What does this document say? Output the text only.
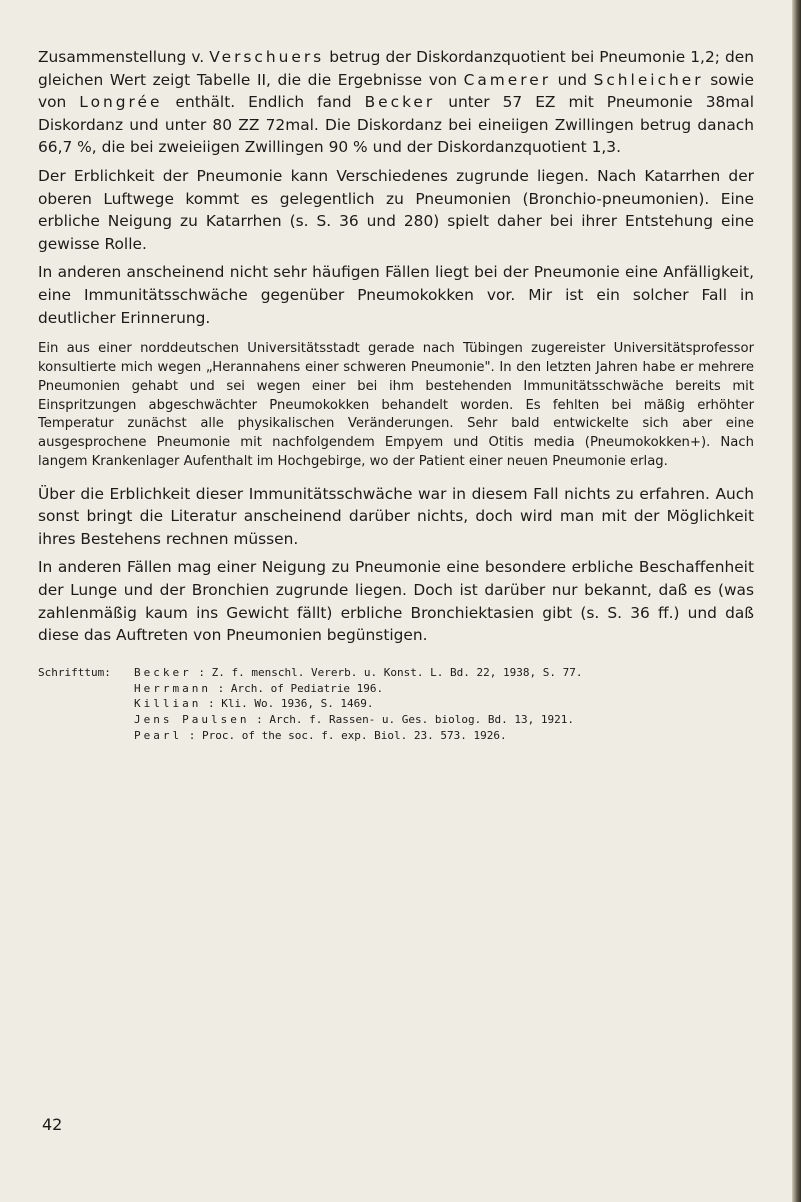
Zusammenstellung v. Verschuers betrug der Diskordanzquotient bei Pneumonie 1,2; den gleichen Wert zeigt Tabelle II, die die Ergebnisse von Camerer und Schleicher sowie von Longrée enthält. Endlich fand Becker unter 57 EZ mit Pneumonie 38mal Diskordanz und unter 80 ZZ 72mal. Die Diskordanz bei eineiigen Zwillingen betrug danach 66,7 %, die bei zweieiigen Zwillingen 90 % und der Diskordanzquotient 1,3.

Der Erblichkeit der Pneumonie kann Verschiedenes zugrunde liegen. Nach Katarrhen der oberen Luftwege kommt es gelegentlich zu Pneumonien (Bronchio-pneumonien). Eine erbliche Neigung zu Katarrhen (s. S. 36 und 280) spielt daher bei ihrer Entstehung eine gewisse Rolle.

In anderen anscheinend nicht sehr häufigen Fällen liegt bei der Pneumonie eine Anfälligkeit, eine Immunitätsschwäche gegenüber Pneumokokken vor. Mir ist ein solcher Fall in deutlicher Erinnerung.

Ein aus einer norddeutschen Universitätsstadt gerade nach Tübingen zugereister Universitätsprofessor konsultierte mich wegen „Herannahens einer schweren Pneumonie". In den letzten Jahren habe er mehrere Pneumonien gehabt und sei wegen einer bei ihm bestehenden Immunitätsschwäche bereits mit Einspritzungen abgeschwächter Pneumokokken behandelt worden. Es fehlten bei mäßig erhöhter Temperatur zunächst alle physikalischen Veränderungen. Sehr bald entwickelte sich aber eine ausgesprochene Pneumonie mit nachfolgendem Empyem und Otitis media (Pneumokokken+). Nach langem Krankenlager Aufenthalt im Hochgebirge, wo der Patient einer neuen Pneumonie erlag.

Über die Erblichkeit dieser Immunitätsschwäche war in diesem Fall nichts zu erfahren. Auch sonst bringt die Literatur anscheinend darüber nichts, doch wird man mit der Möglichkeit ihres Bestehens rechnen müssen.

In anderen Fällen mag einer Neigung zu Pneumonie eine besondere erbliche Beschaffenheit der Lunge und der Bronchien zugrunde liegen. Doch ist darüber nur bekannt, daß es (was zahlenmäßig kaum ins Gewicht fällt) erbliche Bronchiektasien gibt (s. S. 36 ff.) und daß diese das Auftreten von Pneumonien begünstigen.

Schrifttum:	Becker : Z. f. menschl. Vererb. u. Konst. L. Bd. 22, 1938, S. 77.
Herrmann : Arch. of Pediatrie 196.
Killian : Kli. Wo. 1936, S. 1469.
Jens Paulsen : Arch. f. Rassen- u. Ges. biolog. Bd. 13, 1921.
Pearl : Proc. of the soc. f. exp. Biol. 23. 573. 1926.
42
